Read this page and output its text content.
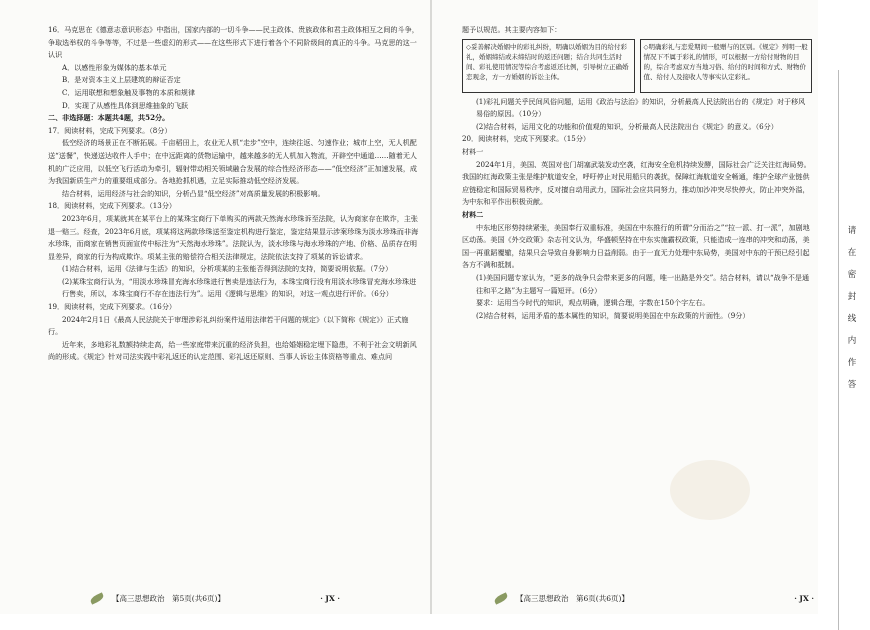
16．马克思在《德意志意识形态》中指出，国家内部的一切斗争——民主政体、贵族政体和君主政体相互之间的斗争，争取选举权的斗争等等，不过是一些虚幻的形式——在这些形式下进行着各个不同阶级间的真正的斗争。马克思的这一认识

A．以感性形象为媒体的基本单元

B．是对资本主义上层建筑的辩证否定

C．运用联想和想象触及事物的本质和规律

D．实现了从感性具体到思维抽象的飞跃

二、非选择题：本题共4题，共52分。

17．阅读材料，完成下列要求。（8分）

低空经济的场景正在不断拓展。千亩稻田上，农业无人机“走步”空中，连续往返、匀速作业；城市上空，无人机配送“送餐”，快递送达收件人手中；在中远距离的货物运输中，越来越多的无人机加入物流，开辟空中通道……随着无人机的广泛应用，以低空飞行活动为牵引，辐射带动相关领域融合发展的综合性经济形态——“低空经济”正加速发展，成为我国新质生产力的重要组成部分。各地抢抓机遇，立足实际推动低空经济发展。

结合材料，运用经济与社会的知识，分析凸显“低空经济”对高质量发展的积极影响。

18．阅读材料，完成下列要求。（13分）

2023年6月，项某就其在某平台上的某珠宝商行下单购买的两款天然海水珍珠诉至法院，认为商家存在欺诈，主张退一赔三。经查，2023年6月底，项某将这两款珍珠送至鉴定机构进行鉴定，鉴定结果显示涉案珍珠为淡水珍珠而非海水珍珠，而商家在销售页面宣传中标注为“天然海水珍珠”。法院认为，淡水珍珠与海水珍珠的产地、价格、品质存在明显差异，商家的行为构成欺诈。项某主张的赔偿符合相关法律规定，法院依法支持了项某的诉讼请求。

(1)结合材料，运用《法律与生活》的知识，分析项某的主张能否得到法院的支持，简要说明依据。（7分）

(2)某珠宝商行认为，“用淡水珍珠冒充海水珍珠进行售卖是违法行为，本珠宝商行没有用淡水珍珠冒充海水珍珠进行售卖，所以，本珠宝商行不存在违法行为”。运用《逻辑与思维》的知识，对这一观点进行评价。（6分）

19．阅读材料，完成下列要求。（16分）

2024年2月1日《最高人民法院关于审理涉彩礼纠纷案件适用法律若干问题的规定》（以下简称《规定》）正式施行。

近年来，多地彩礼数额持续走高，给一些家庭带来沉重的经济负担，也给婚姻稳定埋下隐患，不利于社会文明新风尚的形成。《规定》针对司法实践中彩礼返还的认定范围、彩礼返还原则、当事人诉讼主体资格等重点、难点问

【高三思想政治　第5页(共6页)】	· JX ·

题予以规范。其主要内容如下：

◇妥善解决婚姻中的彩礼纠纷，明确以婚姻为目的给付彩礼，婚姻缔结或未缔结时的返还问题；结合共同生活时间、彩礼使用情况等综合考虑返还比例，引导树立正确婚恋观念，方一方婚姻的诉讼主体。
◇明确彩礼与恋爱期间一般赠与的区别。《规定》列明一般情况下不属于彩礼的情形，可以根据一方给付财物的目的，综合考虑双方当地习俗、给付的时间和方式、财物价值、给付人及接收人等事实认定彩礼。

(1)彩礼问题关乎民间风俗问题，运用《政治与法治》的知识，分析最高人民法院出台的《规定》对于移风易俗的原因。（10分）

(2)结合材料，运用文化的功能和价值观的知识，分析最高人民法院出台《规定》的意义。（6分）

20．阅读材料，完成下列要求。（15分）

材料一

2024年1月，美国、英国对也门胡塞武装发动空袭，红海安全危机持续发酵，国际社会广泛关注红海局势。我国的红海政策主张是维护航道安全，呼吁停止对民用船只的袭扰，保障红海航道安全畅通，维护全球产业链供应链稳定和国际贸易秩序，反对擅自动用武力，国际社会应共同努力，推动加沙冲突尽快停火，防止冲突外溢，为中东和平作出积极贡献。

材料二

中东地区形势持续紧张，美国奉行双重标准，美国在中东推行的所谓“分而治之”“拉一派、打一派”，加剧地区动荡。美国《外交政策》杂志刊文认为，华盛顿坚持在中东实施霸权政策，只能造成一连串的冲突和动荡，美国一再重蹈覆辙，结果只会导致自身影响力日益削弱。由于一直无力处理中东局势，美国对中东的干预已经引起各方不满和抵制。

(1)美国问题专家认为，“更多的战争只会带来更多的问题，唯一出路是外交”。结合材料，请以“战争不是通往和平之路”为主题写一篇短评。（6分）

要求：运用当今时代的知识，观点明确，逻辑合理，字数在150个字左右。

(2)结合材料，运用矛盾的基本属性的知识，简要说明美国在中东政策的片面性。（9分）

【高三思想政治　第6页(共6页)】	· JX ·
请在密封线内作答
